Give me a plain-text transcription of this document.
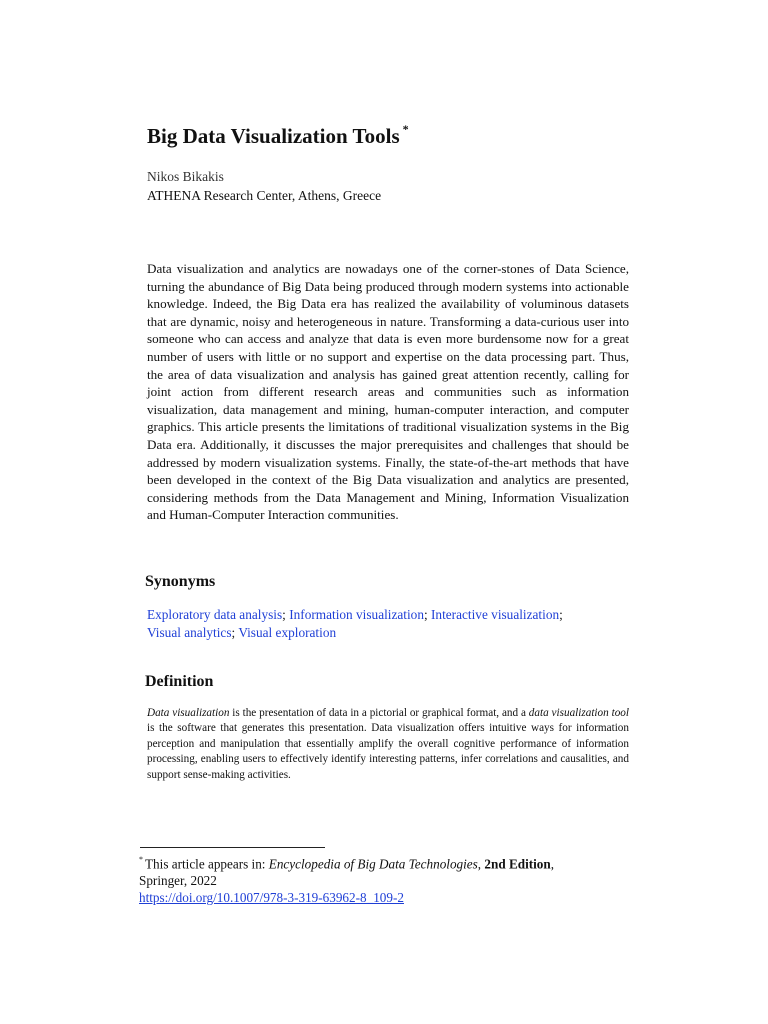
Big Data Visualization Tools *
Nikos Bikakis
ATHENA Research Center, Athens, Greece
Data visualization and analytics are nowadays one of the corner-stones of Data Science, turning the abundance of Big Data being produced through modern systems into actionable knowledge. Indeed, the Big Data era has realized the availability of voluminous datasets that are dynamic, noisy and heterogeneous in nature. Transforming a data-curious user into someone who can access and analyze that data is even more burdensome now for a great number of users with little or no support and expertise on the data processing part. Thus, the area of data visualization and analysis has gained great attention recently, calling for joint action from different research areas and communities such as information visualization, data management and mining, human-computer interaction, and computer graphics. This article presents the limitations of traditional visualization systems in the Big Data era. Additionally, it discusses the major prerequisites and challenges that should be addressed by modern visualization systems. Finally, the state-of-the-art methods that have been developed in the context of the Big Data visualization and analytics are presented, considering methods from the Data Management and Mining, Information Visualization and Human-Computer Interaction communities.
Synonyms
Exploratory data analysis; Information visualization; Interactive visualization;
Visual analytics; Visual exploration
Definition
Data visualization is the presentation of data in a pictorial or graphical format, and a data visualization tool is the software that generates this presentation. Data visualization offers intuitive ways for information perception and manipulation that essentially amplify the overall cognitive performance of information processing, enabling users to effectively identify interesting patterns, infer correlations and causalities, and support sense-making activities.
* This article appears in: Encyclopedia of Big Data Technologies, 2nd Edition,
Springer, 2022
https://doi.org/10.1007/978-3-319-63962-8_109-2
